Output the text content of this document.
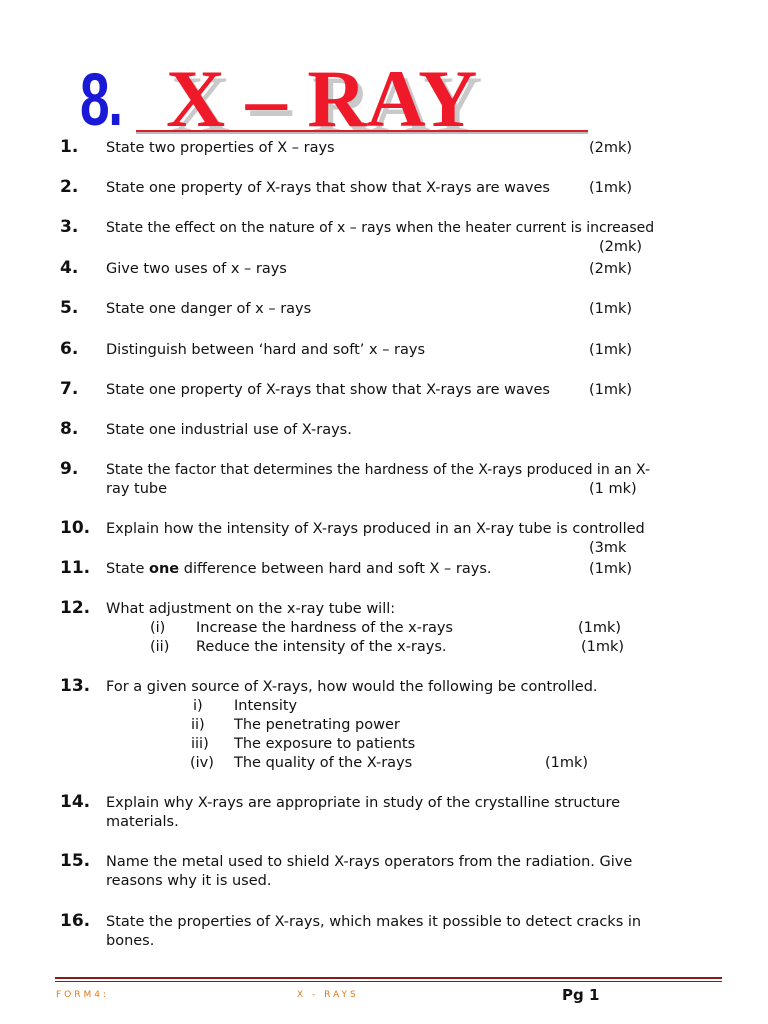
8. X – RAY
1. State two properties of X – rays	(2mk)
2. State one property of X-rays that show that X-rays are waves	(1mk)
3. State the effect on the nature of x – rays when the heater current is increased
(2mk)
4. Give two uses of x – rays	(2mk)
5. State one danger of x – rays	(1mk)
6. Distinguish between ‘hard and soft’ x – rays	(1mk)
7. State one property of X-rays that show that X-rays are waves	(1mk)
8. State one industrial use of X-rays.
9. State the factor that determines the hardness of the X-rays produced in an X-
ray tube	(1 mk)
10. Explain how the intensity of X-rays produced in an X-ray tube is controlled
(3mk
11. State one difference between hard and soft X – rays.	(1mk)
12. What adjustment on the x-ray tube will:
(i) Increase the hardness of the x-rays	(1mk)
(ii) Reduce the intensity of the x-rays.	(1mk)
13. For a given source of X-rays, how would the following be controlled.
i) Intensity
ii) The penetrating power
iii) The exposure to patients
(iv) The quality of the X-rays	(1mk)
14. Explain why X-rays are appropriate in study of the crystalline structure
materials.
15. Name the metal used to shield X-rays operators from the radiation. Give
reasons why it is used.
16. State the properties of X-rays, which makes it possible to detect cracks in
bones.
FORM4:	X - RAYS	Pg 1
